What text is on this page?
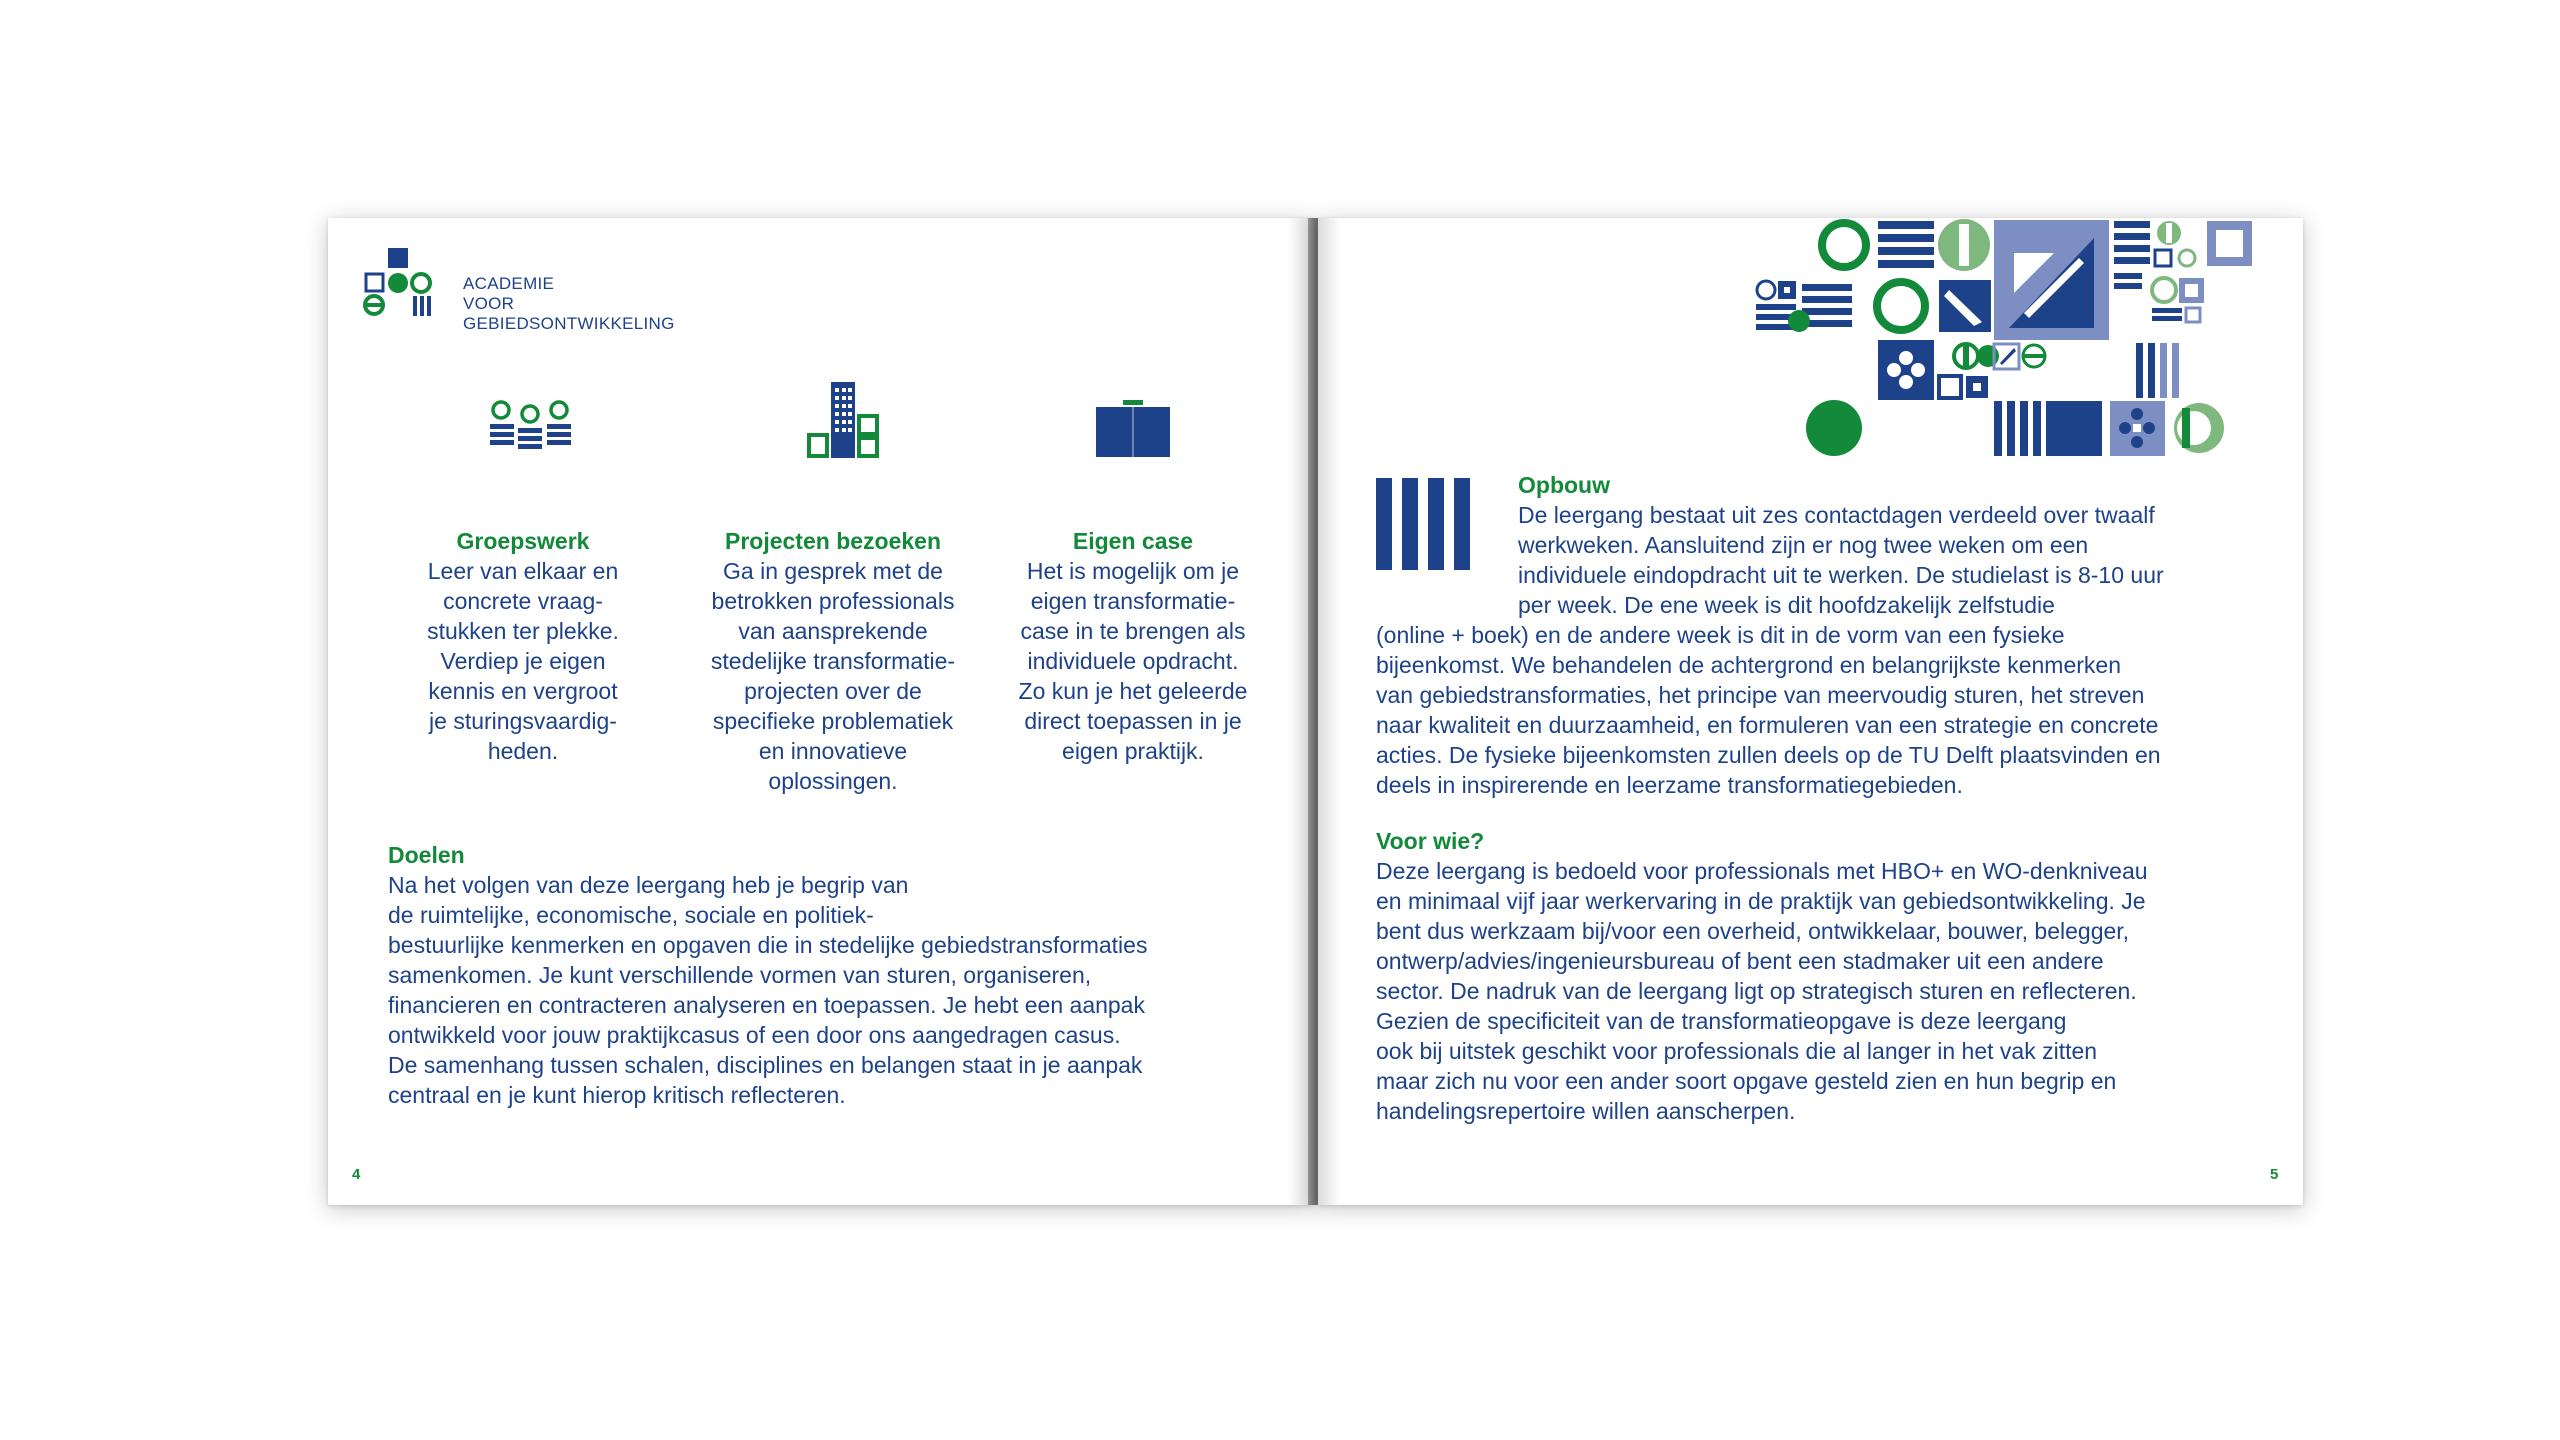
ACADEMIE
VOOR
GEBIEDSONTWIKKELING
Groepswerk

Leer van elkaar en

concrete vraag-

stukken ter plekke.

Verdiep je eigen

kennis en vergroot

je sturingsvaardig-

heden.

Projecten bezoeken

Ga in gesprek met de

betrokken professionals

van aansprekende

stedelijke transformatie-

projecten over de

specifieke problematiek

en innovatieve

oplossingen.

Eigen case

Het is mogelijk om je

eigen transformatie-

case in te brengen als

individuele opdracht.

Zo kun je het geleerde

direct toepassen in je

eigen praktijk.

Doelen
Na het volgen van deze leergang heb je begrip van
de ruimtelijke, economische, sociale en politiek-
bestuurlijke kenmerken en opgaven die in stedelijke gebiedstransformaties
samenkomen. Je kunt verschillende vormen van sturen, organiseren,
financieren en contracteren analyseren en toepassen. Je hebt een aanpak
ontwikkeld voor jouw praktijkcasus of een door ons aangedragen casus.
De samenhang tussen schalen, disciplines en belangen staat in je aanpak
centraal en je kunt hierop kritisch reflecteren.
4
Opbouw
De leergang bestaat uit zes contactdagen verdeeld over twaalf
werkweken. Aansluitend zijn er nog twee weken om een
individuele eindopdracht uit te werken. De studielast is 8-10 uur
per week. De ene week is dit hoofdzakelijk zelfstudie
(online + boek) en de andere week is dit in de vorm van een fysieke
bijeenkomst. We behandelen de achtergrond en belangrijkste kenmerken
van gebiedstransformaties, het principe van meervoudig sturen, het streven
naar kwaliteit en duurzaamheid, en formuleren van een strategie en concrete
acties. De fysieke bijeenkomsten zullen deels op de TU Delft plaatsvinden en
deels in inspirerende en leerzame transformatiegebieden.
Voor wie?
Deze leergang is bedoeld voor professionals met HBO+ en WO-denkniveau
en minimaal vijf jaar werkervaring in de praktijk van gebiedsontwikkeling. Je
bent dus werkzaam bij/voor een overheid, ontwikkelaar, bouwer, belegger,
ontwerp/advies/ingenieursbureau of bent een stadmaker uit een andere
sector. De nadruk van de leergang ligt op strategisch sturen en reflecteren.
Gezien de specificiteit van de transformatieopgave is deze leergang
ook bij uitstek geschikt voor professionals die al langer in het vak zitten
maar zich nu voor een ander soort opgave gesteld zien en hun begrip en
handelingsrepertoire willen aanscherpen.
5
